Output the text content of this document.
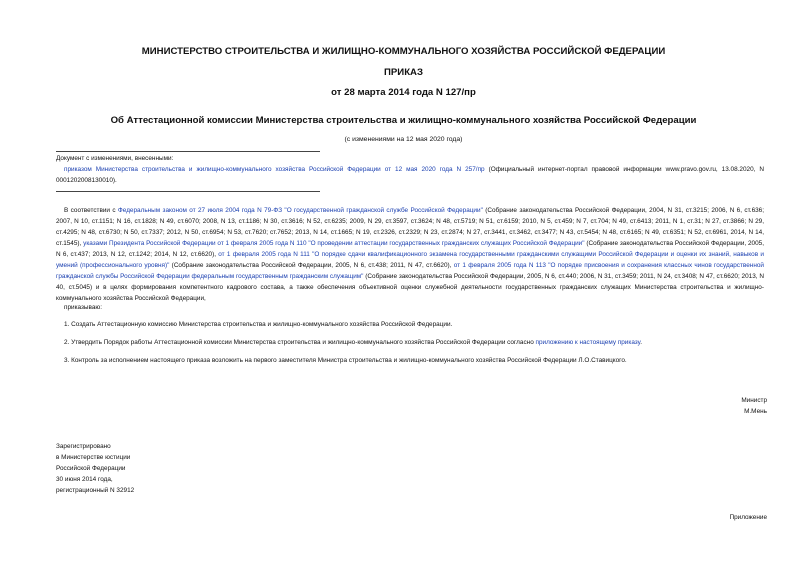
МИНИСТЕРСТВО СТРОИТЕЛЬСТВА И ЖИЛИЩНО-КОММУНАЛЬНОГО ХОЗЯЙСТВА РОССИЙСКОЙ ФЕДЕРАЦИИ
ПРИКАЗ
от 28 марта 2014 года N 127/пр
Об Аттестационной комиссии Министерства строительства и жилищно-коммунального хозяйства Российской Федерации
(с изменениями на 12 мая 2020 года)
Документ с изменениями, внесенными:
приказом Министерства строительства и жилищно-коммунального хозяйства Российской Федерации от 12 мая 2020 года N 257/пр (Официальный интернет-портал правовой информации www.pravo.gov.ru, 13.08.2020, N 0001202008130010).
В соответствии с Федеральным законом от 27 июля 2004 года N 79-ФЗ "О государственной гражданской службе Российской Федерации" (Собрание законодательства Российской Федерации, 2004, N 31, ст.3215; 2006, N 6, ст.636; 2007, N 10, ст.1151; N 16, ст.1828; N 49, ст.6070; 2008, N 13, ст.1186; N 30, ст.3616; N 52, ст.6235; 2009, N 29, ст.3597, ст.3624; N 48, ст.5719; N 51, ст.6159; 2010, N 5, ст.459; N 7, ст.704; N 49, ст.6413; 2011, N 1, ст.31; N 27, ст.3866; N 29, ст.4295; N 48, ст.6730; N 50, ст.7337; 2012, N 50, ст.6954; N 53, ст.7620; ст.7652; 2013, N 14, ст.1665; N 19, ст.2326, ст.2329; N 23, ст.2874; N 27, ст.3441, ст.3462, ст.3477; N 43, ст.5454; N 48, ст.6165; N 49, ст.6351; N 52, ст.6961, 2014, N 14, ст.1545), указами Президента Российской Федерации от 1 февраля 2005 года N 110 "О проведении аттестации государственных гражданских служащих Российской Федерации" (Собрание законодательства Российской Федерации, 2005, N 6, ст.437; 2013, N 12, ст.1242; 2014, N 12, ст.6620), от 1 февраля 2005 года N 111 "О порядке сдачи квалификационного экзамена государственными гражданскими служащими Российской Федерации и оценки их знаний, навыков и умений (профессионального уровня)" (Собрание законодательства Российской Федерации, 2005, N 6, ст.438; 2011, N 47, ст.6620), от 1 февраля 2005 года N 113 "О порядке присвоения и сохранения классных чинов государственной гражданской службы Российской Федерации федеральным государственным гражданским служащим" (Собрание законодательства Российской Федерации, 2005, N 6, ст.440; 2006, N 31, ст.3459; 2011, N 24, ст.3408; N 47, ст.6620; 2013, N 40, ст.5045) и в целях формирования компетентного кадрового состава, а также обеспечения объективной оценки служебной деятельности государственных гражданских служащих Министерства строительства и жилищно-коммунального хозяйства Российской Федерации,
приказываю:
1. Создать Аттестационную комиссию Министерства строительства и жилищно-коммунального хозяйства Российской Федерации.
2. Утвердить Порядок работы Аттестационной комиссии Министерства строительства и жилищно-коммунального хозяйства Российской Федерации согласно приложению к настоящему приказу.
3. Контроль за исполнением настоящего приказа возложить на первого заместителя Министра строительства и жилищно-коммунального хозяйства Российской Федерации Л.О.Ставицкого.
Министр
М.Мень
Зарегистрировано
в Министерстве юстиции
Российской Федерации
30 июня 2014 года,
регистрационный N 32912
Приложение
